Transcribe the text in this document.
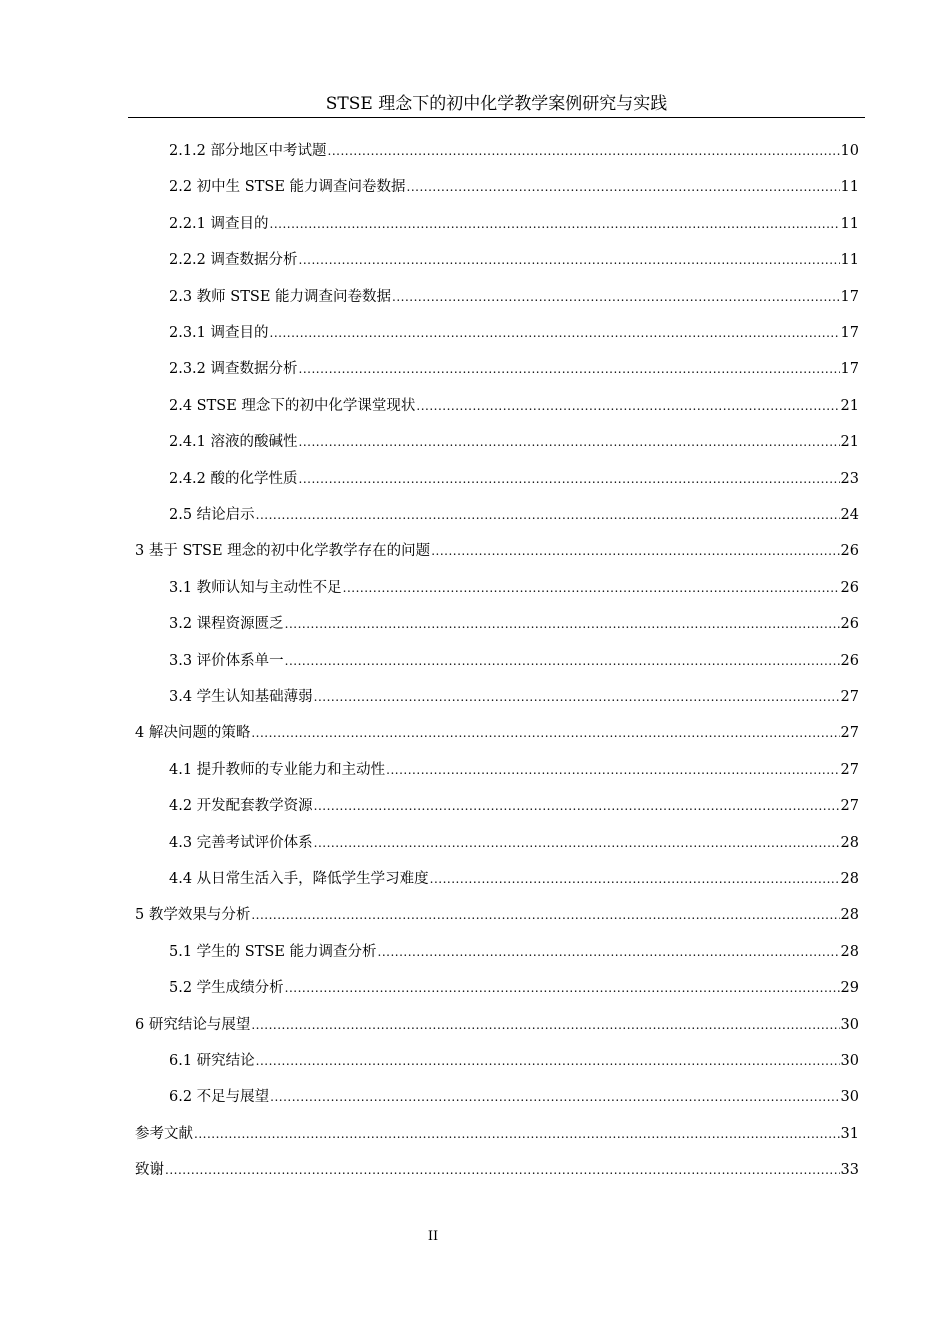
STSE 理念下的初中化学教学案例研究与实践
2.1.2 部分地区中考试题 .....	10
2.2 初中生 STSE 能力调查问卷数据 .....	11
2.2.1 调查目的 .....	11
2.2.2 调查数据分析 .....	11
2.3 教师 STSE 能力调查问卷数据 .....	17
2.3.1 调查目的 .....	17
2.3.2 调查数据分析 .....	17
2.4 STSE 理念下的初中化学课堂现状 .....	21
2.4.1 溶液的酸碱性 .....	21
2.4.2 酸的化学性质 .....	23
2.5 结论启示 .....	24
3 基于 STSE 理念的初中化学教学存在的问题 .....	26
3.1 教师认知与主动性不足 .....	26
3.2 课程资源匮乏 .....	26
3.3 评价体系单一 .....	26
3.4 学生认知基础薄弱 .....	27
4 解决问题的策略 .....	27
4.1 提升教师的专业能力和主动性 .....	27
4.2 开发配套教学资源 .....	27
4.3 完善考试评价体系 .....	28
4.4 从日常生活入手，降低学生学习难度 .....	28
5 教学效果与分析 .....	28
5.1 学生的 STSE 能力调查分析 .....	28
5.2 学生成绩分析 .....	29
6 研究结论与展望 .....	30
6.1 研究结论 .....	30
6.2 不足与展望 .....	30
参考文献 .....	31
致谢 .....	33
II
